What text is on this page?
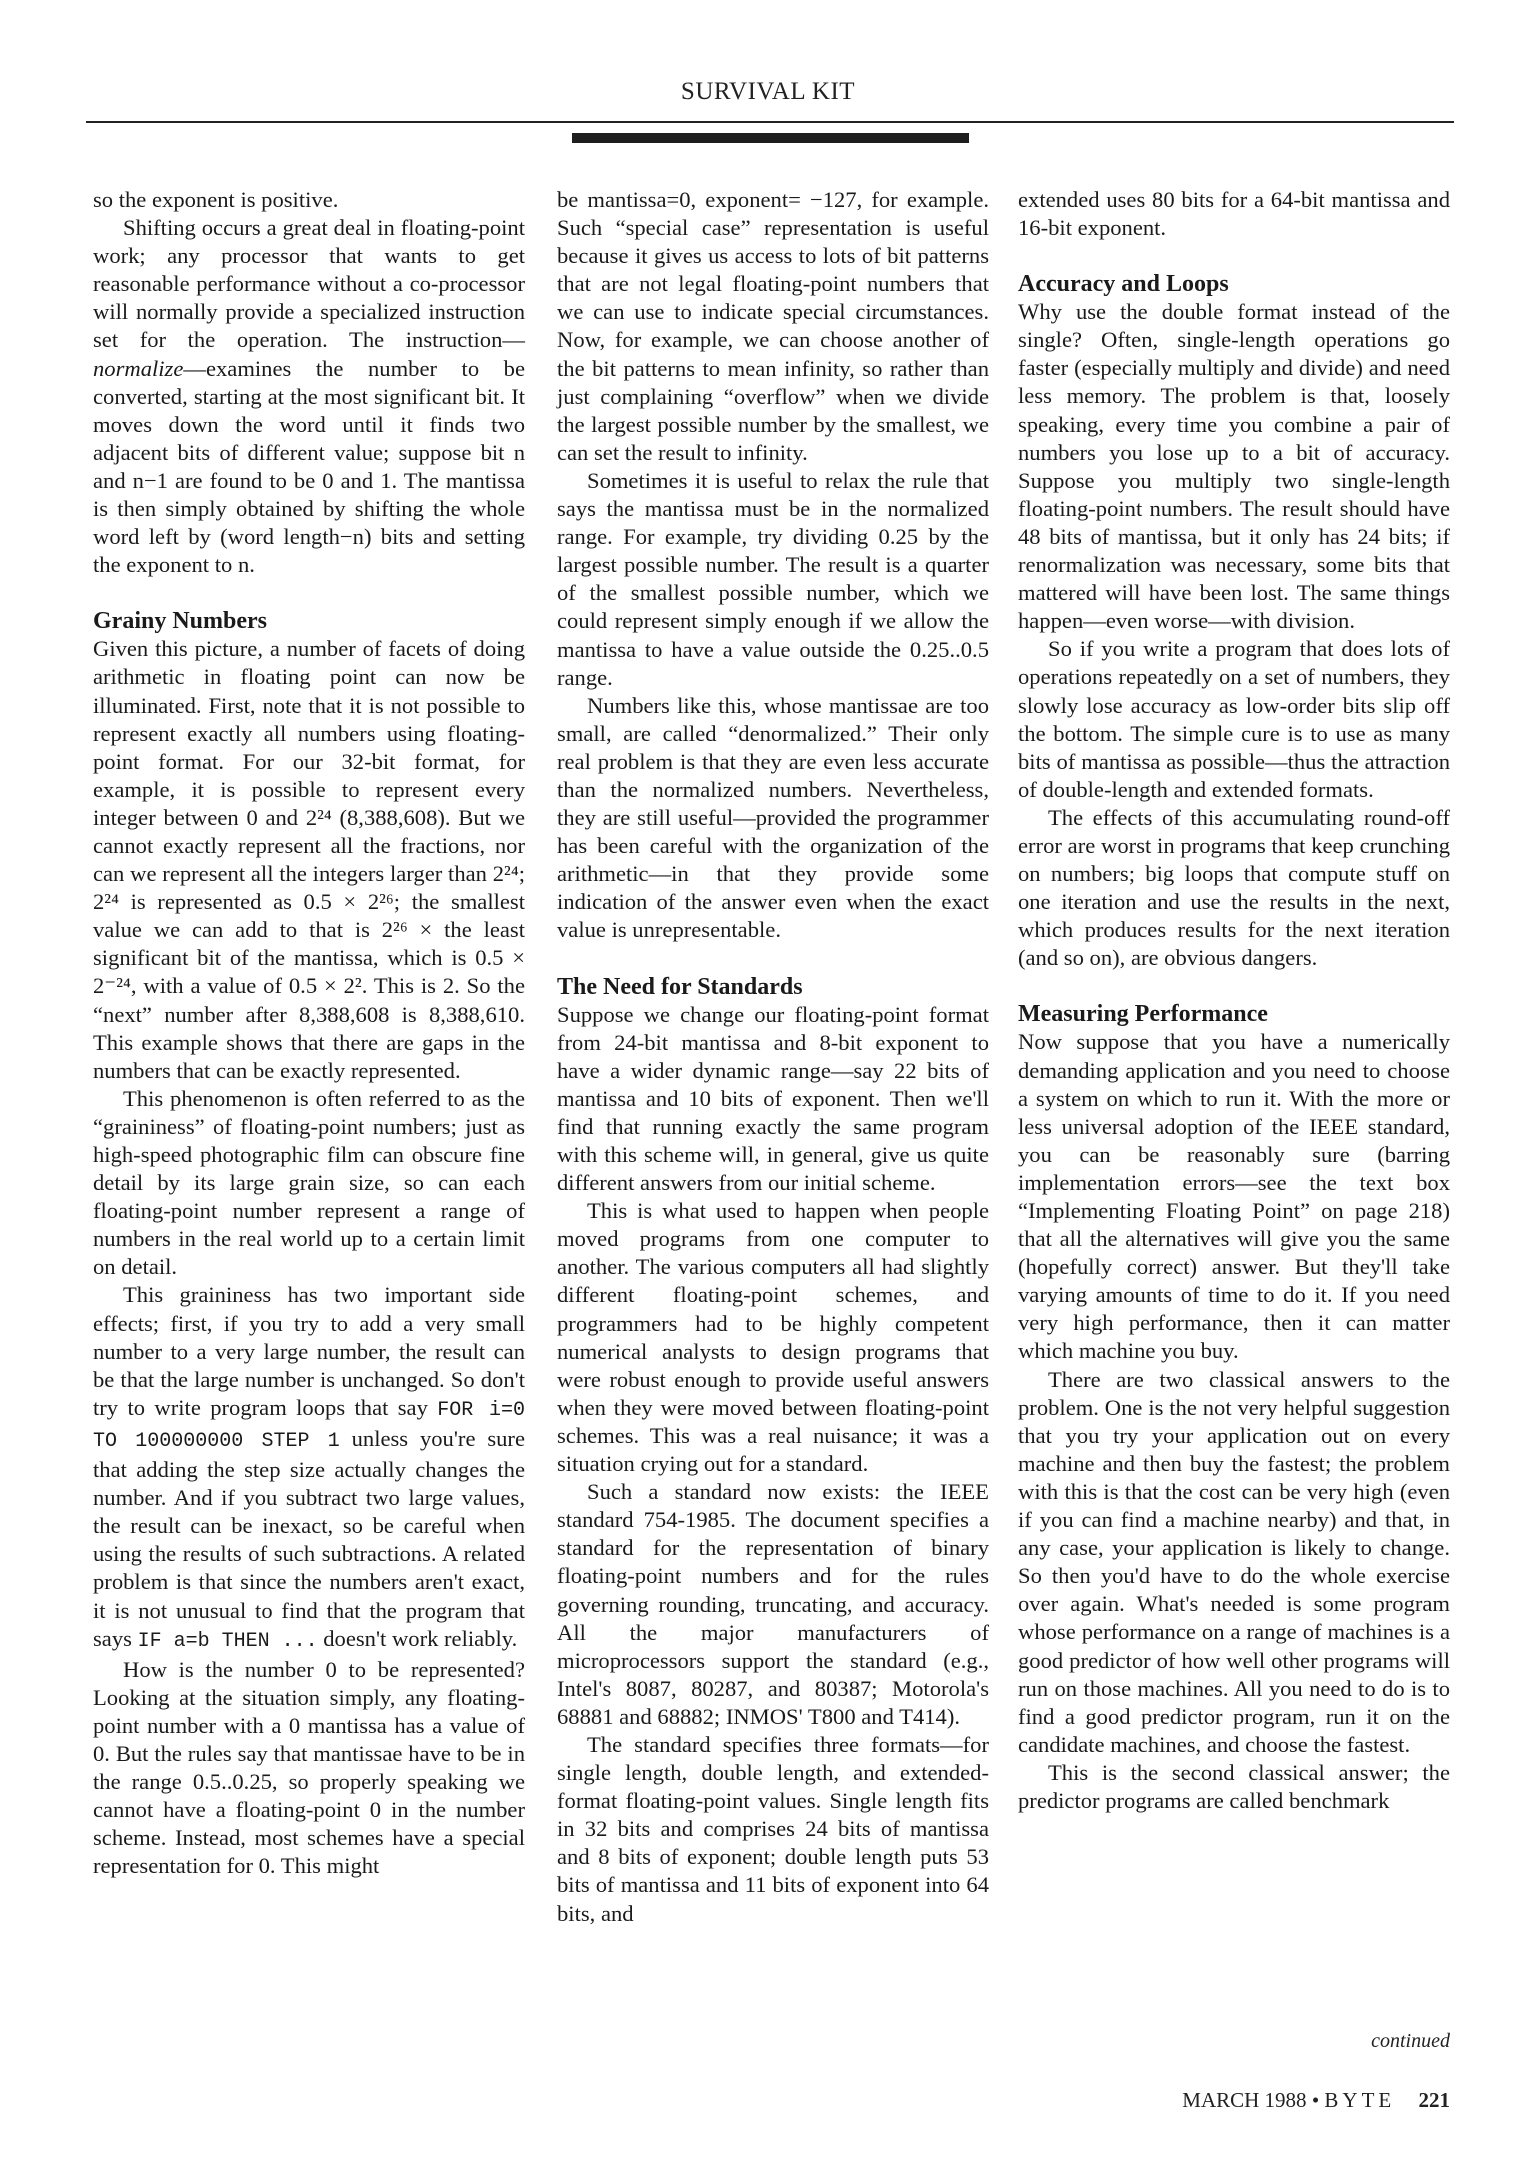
SURVIVAL KIT

so the exponent is positive.

Shifting occurs a great deal in floating-point work; any processor that wants to get reasonable performance without a co-processor will normally provide a specialized instruction set for the operation. The instruction—normalize—examines the number to be converted, starting at the most significant bit. It moves down the word until it finds two adjacent bits of different value; suppose bit n and n−1 are found to be 0 and 1. The mantissa is then simply obtained by shifting the whole word left by (word length−n) bits and setting the exponent to n.

Grainy Numbers

Given this picture, a number of facets of doing arithmetic in floating point can now be illuminated. First, note that it is not possible to represent exactly all numbers using floating-point format. For our 32-bit format, for example, it is possible to represent every integer between 0 and 2²⁴ (8,388,608). But we cannot exactly represent all the fractions, nor can we represent all the integers larger than 2²⁴; 2²⁴ is represented as 0.5 × 2²⁶; the smallest value we can add to that is 2²⁶ × the least significant bit of the mantissa, which is 0.5 × 2⁻²⁴, with a value of 0.5 × 2². This is 2. So the “next” number after 8,388,608 is 8,388,610. This example shows that there are gaps in the numbers that can be exactly represented.

This phenomenon is often referred to as the “graininess” of floating-point numbers; just as high-speed photographic film can obscure fine detail by its large grain size, so can each floating-point number represent a range of numbers in the real world up to a certain limit on detail.

This graininess has two important side effects; first, if you try to add a very small number to a very large number, the result can be that the large number is unchanged. So don't try to write program loops that say FOR i=0 TO 100000000 STEP 1 unless you're sure that adding the step size actually changes the number. And if you subtract two large values, the result can be inexact, so be careful when using the results of such subtractions. A related problem is that since the numbers aren't exact, it is not unusual to find that the program that says IF a=b THEN ... doesn't work reliably.

How is the number 0 to be represented? Looking at the situation simply, any floating-point number with a 0 mantissa has a value of 0. But the rules say that mantissae have to be in the range 0.5..0.25, so properly speaking we cannot have a floating-point 0 in the number scheme. Instead, most schemes have a special representation for 0. This might

be mantissa=0, exponent= −127, for example. Such “special case” representation is useful because it gives us access to lots of bit patterns that are not legal floating-point numbers that we can use to indicate special circumstances. Now, for example, we can choose another of the bit patterns to mean infinity, so rather than just complaining “overflow” when we divide the largest possible number by the smallest, we can set the result to infinity.

Sometimes it is useful to relax the rule that says the mantissa must be in the normalized range. For example, try dividing 0.25 by the largest possible number. The result is a quarter of the smallest possible number, which we could represent simply enough if we allow the mantissa to have a value outside the 0.25..0.5 range.

Numbers like this, whose mantissae are too small, are called “denormalized.” Their only real problem is that they are even less accurate than the normalized numbers. Nevertheless, they are still useful—provided the programmer has been careful with the organization of the arithmetic—in that they provide some indication of the answer even when the exact value is unrepresentable.

The Need for Standards

Suppose we change our floating-point format from 24-bit mantissa and 8-bit exponent to have a wider dynamic range—say 22 bits of mantissa and 10 bits of exponent. Then we'll find that running exactly the same program with this scheme will, in general, give us quite different answers from our initial scheme.

This is what used to happen when people moved programs from one computer to another. The various computers all had slightly different floating-point schemes, and programmers had to be highly competent numerical analysts to design programs that were robust enough to provide useful answers when they were moved between floating-point schemes. This was a real nuisance; it was a situation crying out for a standard.

Such a standard now exists: the IEEE standard 754-1985. The document specifies a standard for the representation of binary floating-point numbers and for the rules governing rounding, truncating, and accuracy. All the major manufacturers of microprocessors support the standard (e.g., Intel's 8087, 80287, and 80387; Motorola's 68881 and 68882; INMOS' T800 and T414).

The standard specifies three formats—for single length, double length, and extended-format floating-point values. Single length fits in 32 bits and comprises 24 bits of mantissa and 8 bits of exponent; double length puts 53 bits of mantissa and 11 bits of exponent into 64 bits, and

extended uses 80 bits for a 64-bit mantissa and 16-bit exponent.

Accuracy and Loops

Why use the double format instead of the single? Often, single-length operations go faster (especially multiply and divide) and need less memory. The problem is that, loosely speaking, every time you combine a pair of numbers you lose up to a bit of accuracy. Suppose you multiply two single-length floating-point numbers. The result should have 48 bits of mantissa, but it only has 24 bits; if renormalization was necessary, some bits that mattered will have been lost. The same things happen—even worse—with division.

So if you write a program that does lots of operations repeatedly on a set of numbers, they slowly lose accuracy as low-order bits slip off the bottom. The simple cure is to use as many bits of mantissa as possible—thus the attraction of double-length and extended formats.

The effects of this accumulating round-off error are worst in programs that keep crunching on numbers; big loops that compute stuff on one iteration and use the results in the next, which produces results for the next iteration (and so on), are obvious dangers.

Measuring Performance

Now suppose that you have a numerically demanding application and you need to choose a system on which to run it. With the more or less universal adoption of the IEEE standard, you can be reasonably sure (barring implementation errors—see the text box “Implementing Floating Point” on page 218) that all the alternatives will give you the same (hopefully correct) answer. But they'll take varying amounts of time to do it. If you need very high performance, then it can matter which machine you buy.

There are two classical answers to the problem. One is the not very helpful suggestion that you try your application out on every machine and then buy the fastest; the problem with this is that the cost can be very high (even if you can find a machine nearby) and that, in any case, your application is likely to change. So then you'd have to do the whole exercise over again. What's needed is some program whose performance on a range of machines is a good predictor of how well other programs will run on those machines. All you need to do is to find a good predictor program, run it on the candidate machines, and choose the fastest.

This is the second classical answer; the predictor programs are called benchmark

continued
MARCH 1988 • BYTE 221
